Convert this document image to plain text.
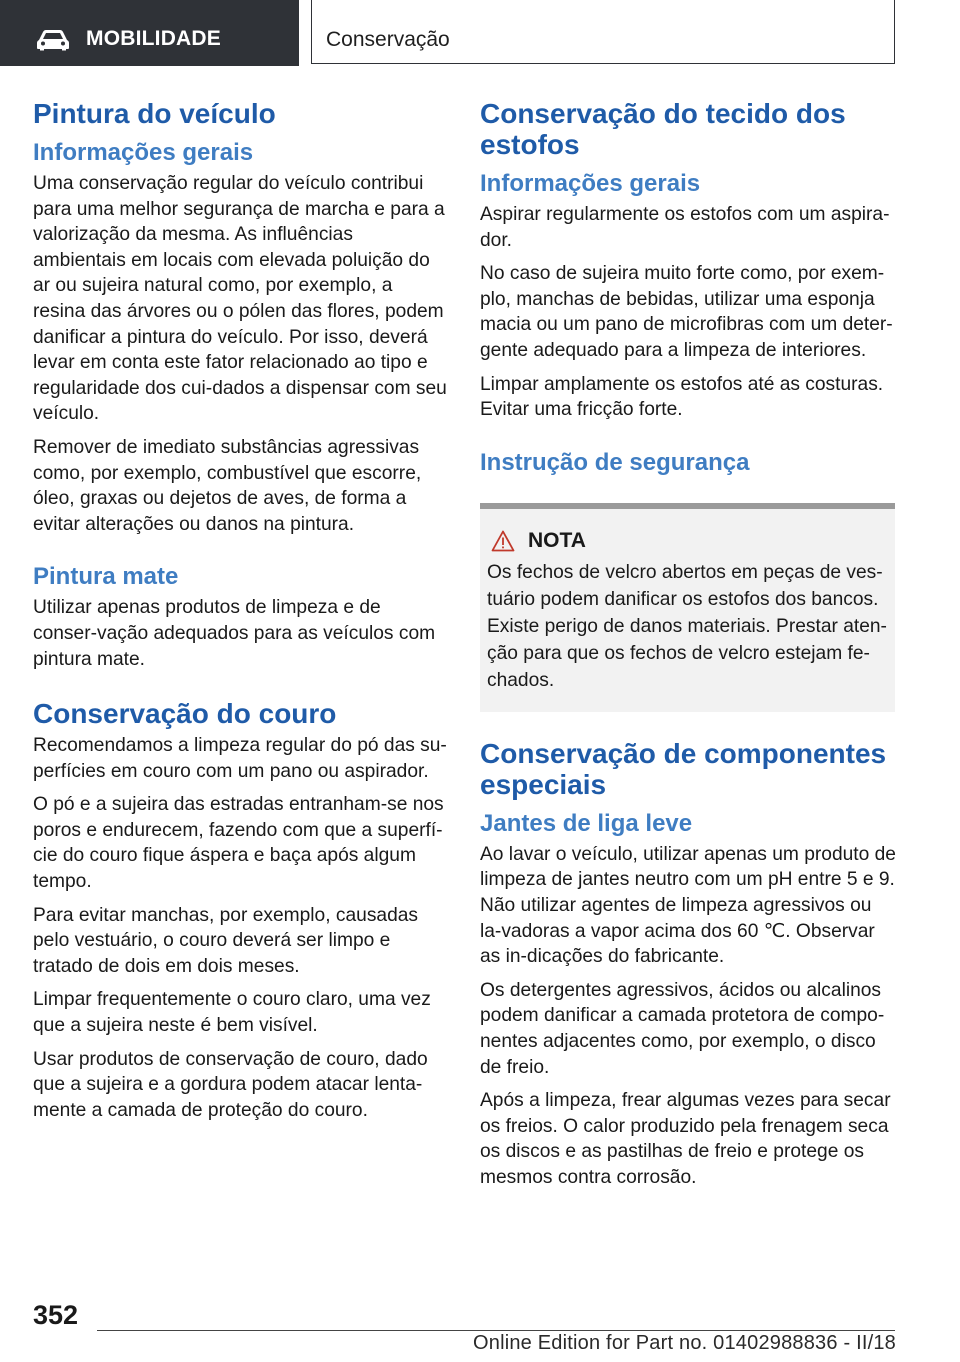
MOBILIDADE	Conservação
Pintura do veículo
Informações gerais

Uma conservação regular do veículo contribui para uma melhor segurança de marcha e para a valorização da mesma. As influências ambientais em locais com elevada poluição do ar ou sujeira natural como, por exemplo, a resina das árvores ou o pólen das flores, podem danificar a pintura do veículo. Por isso, deverá levar em conta este fator relacionado ao tipo e regularidade dos cui‐dados a dispensar com seu veículo.

Remover de imediato substâncias agressivas como, por exemplo, combustível que escorre, óleo, graxas ou dejetos de aves, de forma a evitar alterações ou danos na pintura.

Pintura mate

Utilizar apenas produtos de limpeza e de conser‐vação adequados para as veículos com pintura mate.

Conservação do couro

Recomendamos a limpeza regular do pó das su‐perfícies em couro com um pano ou aspirador.

O pó e a sujeira das estradas entranham-se nos poros e endurecem, fazendo com que a superfí‐cie do couro fique áspera e baça após algum tempo.

Para evitar manchas, por exemplo, causadas pelo vestuário, o couro deverá ser limpo e tratado de dois em dois meses.

Limpar frequentemente o couro claro, uma vez que a sujeira neste é bem visível.

Usar produtos de conservação de couro, dado que a sujeira e a gordura podem atacar lenta‐mente a camada de proteção do couro.

Conservação do tecido dos estofos
Informações gerais

Aspirar regularmente os estofos com um aspira‐dor.

No caso de sujeira muito forte como, por exem‐plo, manchas de bebidas, utilizar uma esponja macia ou um pano de microfibras com um deter‐gente adequado para a limpeza de interiores.

Limpar amplamente os estofos até as costuras. Evitar uma fricção forte.

Instrução de segurança
NOTA

Os fechos de velcro abertos em peças de ves‐tuário podem danificar os estofos dos bancos. Existe perigo de danos materiais. Prestar aten‐ção para que os fechos de velcro estejam fe‐chados.

Conservação de componentes especiais
Jantes de liga leve

Ao lavar o veículo, utilizar apenas um produto de limpeza de jantes neutro com um pH entre 5 e 9. Não utilizar agentes de limpeza agressivos ou la‐vadoras a vapor acima dos 60 ℃. Observar as in‐dicações do fabricante.

Os detergentes agressivos, ácidos ou alcalinos podem danificar a camada protetora de compo‐nentes adjacentes como, por exemplo, o disco de freio.

Após a limpeza, frear algumas vezes para secar os freios. O calor produzido pela frenagem seca os discos e as pastilhas de freio e protege os mesmos contra corrosão.

352
Online Edition for Part no. 01402988836 - II/18
